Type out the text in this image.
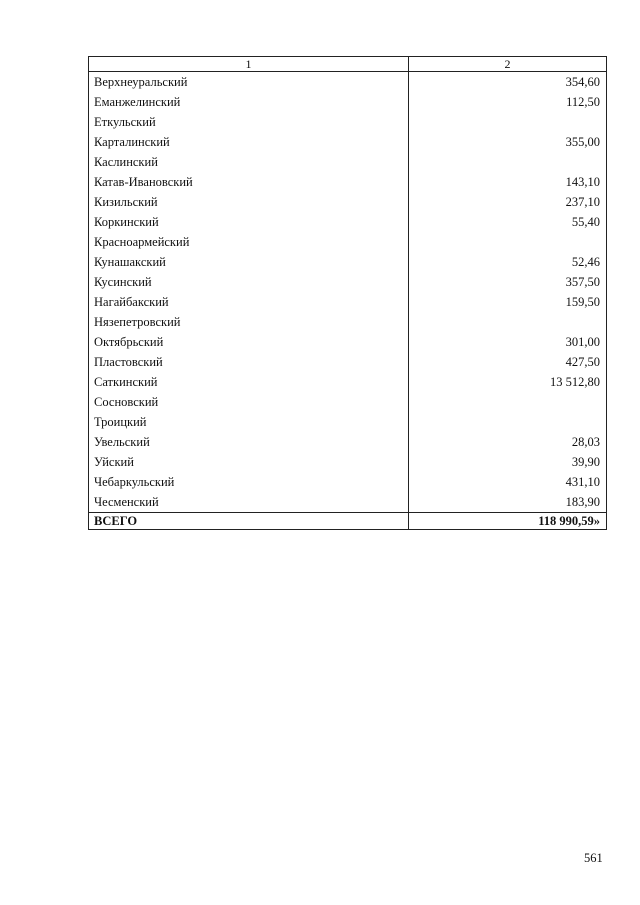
1	2
Верхнеуральский	354,60
Еманжелинский	112,50
Еткульский	
Карталинский	355,00
Каслинский	
Катав-Ивановский	143,10
Кизильский	237,10
Коркинский	55,40
Красноармейский	
Кунашакский	52,46
Кусинский	357,50
Нагайбакский	159,50
Нязепетровский	
Октябрьский	301,00
Пластовский	427,50
Саткинский	13 512,80
Сосновский	
Троицкий	
Увельский	28,03
Уйский	39,90
Чебаркульский	431,10
Чесменский	183,90
ВСЕГО	118 990,59»
561
